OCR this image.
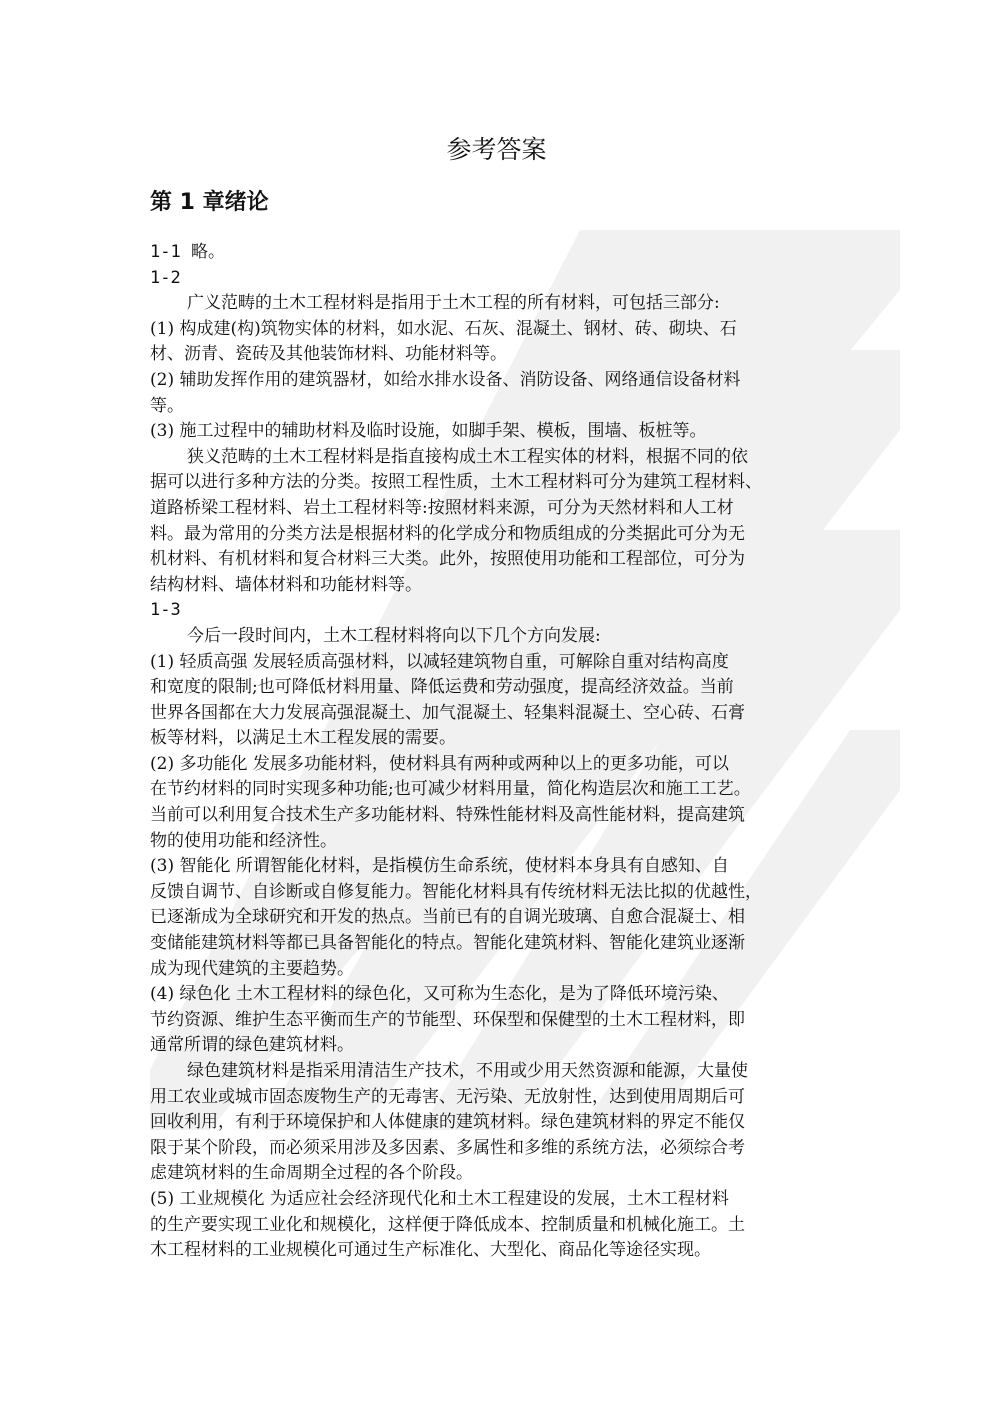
参考答案
第 1 章绪论
1-1 略。
1-2
广义范畴的土木工程材料是指用于土木工程的所有材料，可包括三部分:
(1) 构成建(构)筑物实体的材料，如水泥、石灰、混凝土、钢材、砖、砌块、石
材、沥青、瓷砖及其他装饰材料、功能材料等。
(2) 辅助发挥作用的建筑器材，如给水排水设备、消防设备、网络通信设备材料
等。
(3) 施工过程中的辅助材料及临时设施，如脚手架、模板，围墙、板桩等。
狭义范畴的土木工程材料是指直接构成土木工程实体的材料，根据不同的依
据可以进行多种方法的分类。按照工程性质，土木工程材料可分为建筑工程材料、
道路桥梁工程材料、岩土工程材料等:按照材料来源，可分为天然材料和人工材
料。最为常用的分类方法是根据材料的化学成分和物质组成的分类据此可分为无
机材料、有机材料和复合材料三大类。此外，按照使用功能和工程部位，可分为
结构材料、墙体材料和功能材料等。
1-3
今后一段时间内，土木工程材料将向以下几个方向发展:
(1) 轻质高强 发展轻质高强材料，以减轻建筑物自重，可解除自重对结构高度
和宽度的限制;也可降低材料用量、降低运费和劳动强度，提高经济效益。当前
世界各国都在大力发展高强混凝土、加气混凝土、轻集料混凝土、空心砖、石膏
板等材料，以满足土木工程发展的需要。
(2) 多功能化 发展多功能材料，使材料具有两种或两种以上的更多功能，可以
在节约材料的同时实现多种功能;也可减少材料用量，简化构造层次和施工工艺。
当前可以利用复合技术生产多功能材料、特殊性能材料及高性能材料，提高建筑
物的使用功能和经济性。
(3) 智能化 所谓智能化材料，是指模仿生命系统，使材料本身具有自感知、自
反馈自调节、自诊断或自修复能力。智能化材料具有传统材料无法比拟的优越性，
已逐渐成为全球研究和开发的热点。当前已有的自调光玻璃、自愈合混凝士、相
变储能建筑材料等都已具备智能化的特点。智能化建筑材料、智能化建筑业逐渐
成为现代建筑的主要趋势。
(4) 绿色化 土木工程材料的绿色化，又可称为生态化，是为了降低环境污染、
节约资源、维护生态平衡而生产的节能型、环保型和保健型的土木工程材料，即
通常所谓的绿色建筑材料。
绿色建筑材料是指采用清洁生产技术，不用或少用天然资源和能源，大量使
用工农业或城市固态废物生产的无毒害、无污染、无放射性，达到使用周期后可
回收利用，有利于环境保护和人体健康的建筑材料。绿色建筑材料的界定不能仅
限于某个阶段，而必须采用涉及多因素、多属性和多维的系统方法，必须综合考
虑建筑材料的生命周期全过程的各个阶段。
(5) 工业规模化 为适应社会经济现代化和土木工程建设的发展，土木工程材料
的生产要实现工业化和规模化，这样便于降低成本、控制质量和机械化施工。土
木工程材料的工业规模化可通过生产标准化、大型化、商品化等途径实现。
